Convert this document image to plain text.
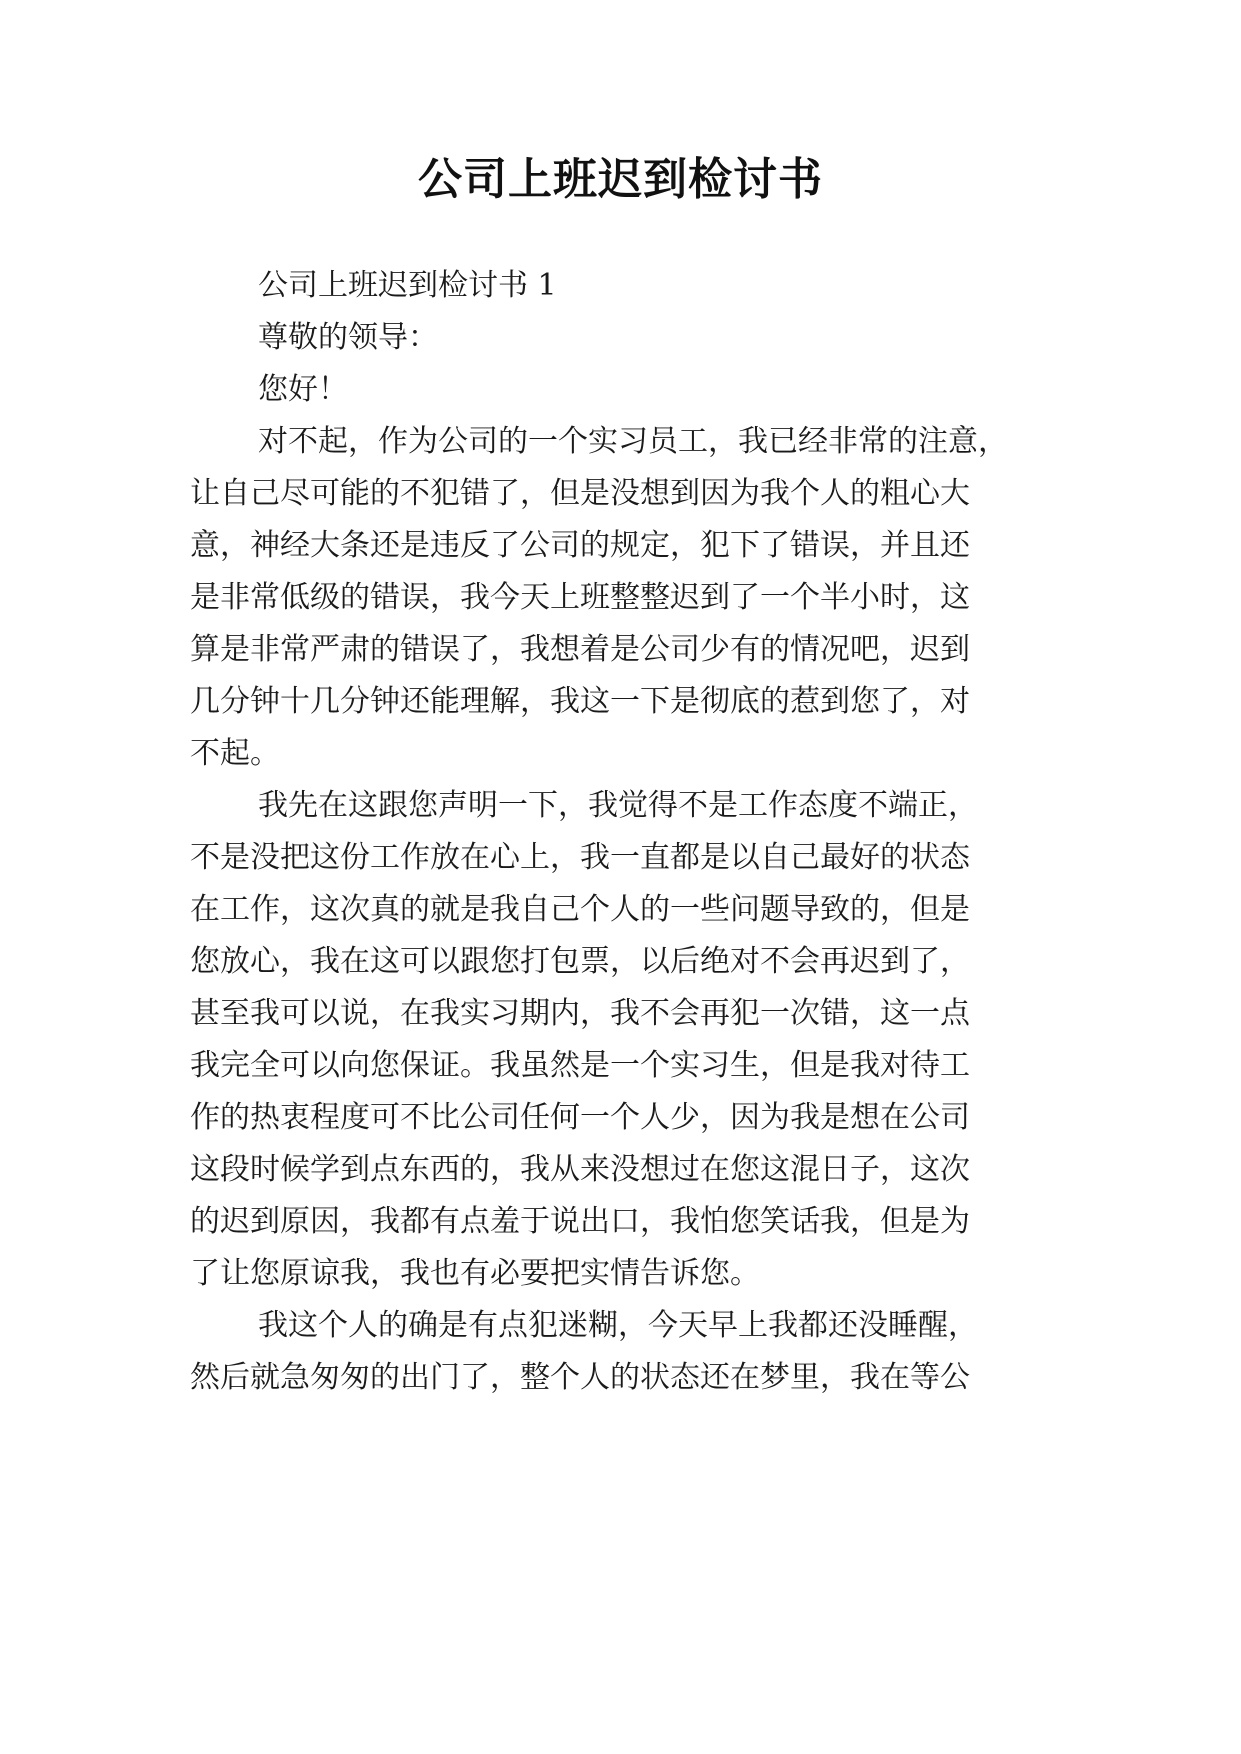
公司上班迟到检讨书
公司上班迟到检讨书 1
尊敬的领导：
您好！
对不起，作为公司的一个实习员工，我已经非常的注意，
让自己尽可能的不犯错了，但是没想到因为我个人的粗心大
意，神经大条还是违反了公司的规定，犯下了错误，并且还
是非常低级的错误，我今天上班整整迟到了一个半小时，这
算是非常严肃的错误了，我想着是公司少有的情况吧，迟到
几分钟十几分钟还能理解，我这一下是彻底的惹到您了，对
不起。
我先在这跟您声明一下，我觉得不是工作态度不端正，
不是没把这份工作放在心上，我一直都是以自己最好的状态
在工作，这次真的就是我自己个人的一些问题导致的，但是
您放心，我在这可以跟您打包票，以后绝对不会再迟到了，
甚至我可以说，在我实习期内，我不会再犯一次错，这一点
我完全可以向您保证。我虽然是一个实习生，但是我对待工
作的热衷程度可不比公司任何一个人少，因为我是想在公司
这段时候学到点东西的，我从来没想过在您这混日子，这次
的迟到原因，我都有点羞于说出口，我怕您笑话我，但是为
了让您原谅我，我也有必要把实情告诉您。
我这个人的确是有点犯迷糊，今天早上我都还没睡醒，
然后就急匆匆的出门了，整个人的状态还在梦里，我在等公
